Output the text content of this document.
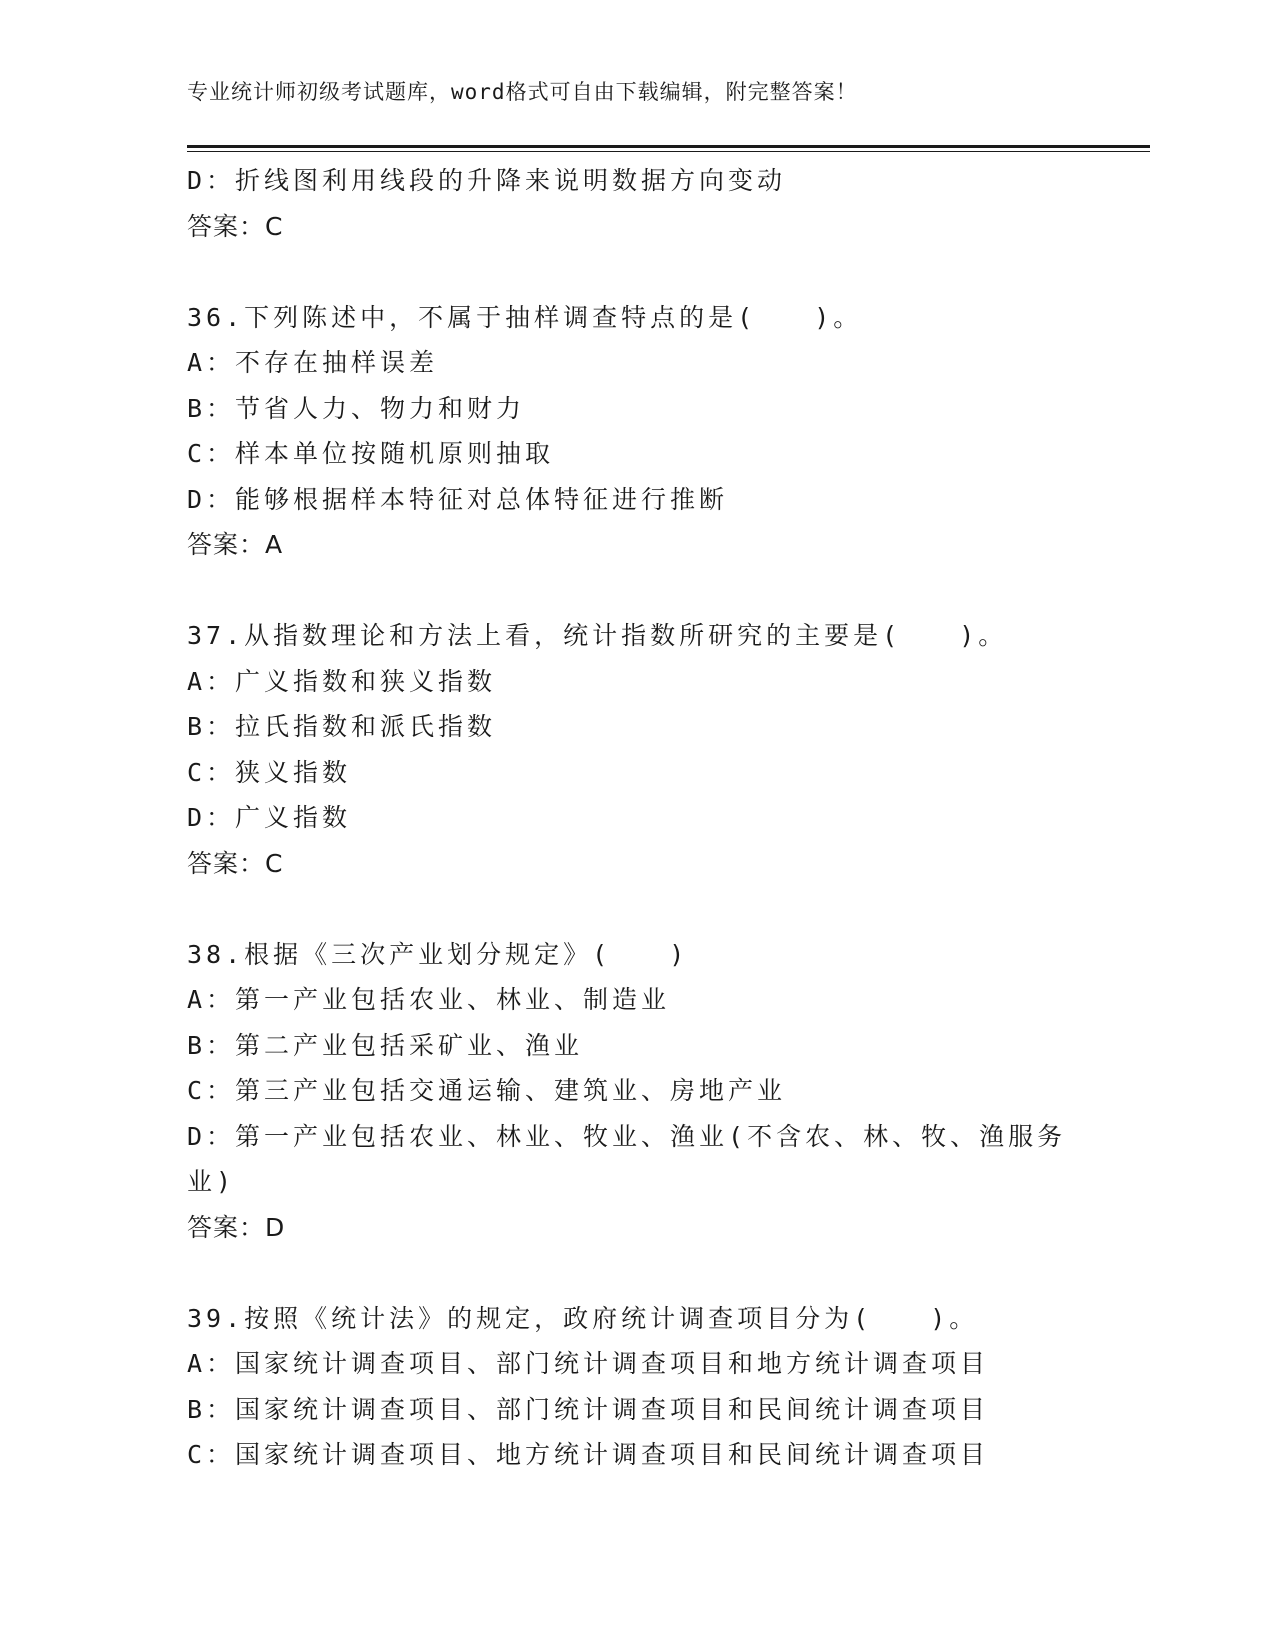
专业统计师初级考试题库，word格式可自由下载编辑，附完整答案！
D：折线图利用线段的升降来说明数据方向变动
答案：C
36.下列陈述中，不属于抽样调查特点的是(　　)。
A：不存在抽样误差
B：节省人力、物力和财力
C：样本单位按随机原则抽取
D：能够根据样本特征对总体特征进行推断
答案：A
37.从指数理论和方法上看，统计指数所研究的主要是(　　)。
A：广义指数和狭义指数
B：拉氏指数和派氏指数
C：狭义指数
D：广义指数
答案：C
38.根据《三次产业划分规定》(　　)
A：第一产业包括农业、林业、制造业
B：第二产业包括采矿业、渔业
C：第三产业包括交通运输、建筑业、房地产业
D：第一产业包括农业、林业、牧业、渔业(不含农、林、牧、渔服务
业)
答案：D
39.按照《统计法》的规定，政府统计调查项目分为(　　)。
A：国家统计调查项目、部门统计调查项目和地方统计调查项目
B：国家统计调查项目、部门统计调查项目和民间统计调查项目
C：国家统计调查项目、地方统计调查项目和民间统计调查项目
